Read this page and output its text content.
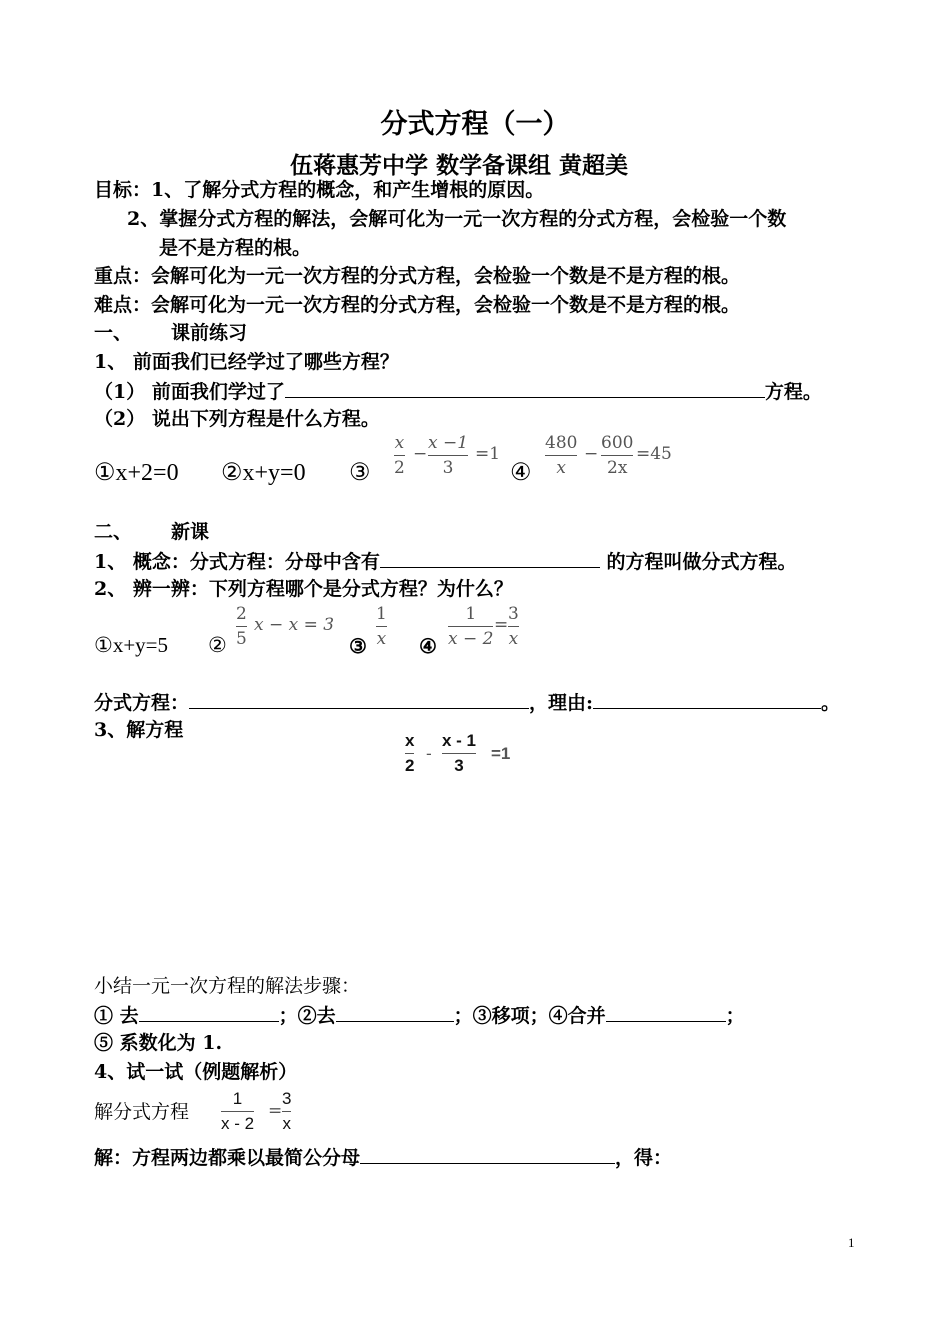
分式方程（一）
伍蒋惠芳中学 数学备课组 黄超美
目标：1、了解分式方程的概念，和产生增根的原因。
2、掌握分式方程的解法，会解可化为一元一次方程的分式方程，会检验一个数
是不是方程的根。
重点：会解可化为一元一次方程的分式方程，会检验一个数是不是方程的根。
难点：会解可化为一元一次方程的分式方程，会检验一个数是不是方程的根。
一、 课前练习
1、 前面我们已经学过了哪些方程？
（1） 前面我们学过了	方程。
（2） 说出下列方程是什么方程。
①x+2=0 ②x+y=0 ③
x
2
−
x −1
3
=1
④
480
x
−
600
2x
=45
二、 新课
1、 概念：分式方程：分母中含有	的方程叫做分式方程。
2、 辨一辨：下列方程哪个是分式方程？为什么？
①x+y=5 ②
2
5
x − x = 3
③
1
x ④
1
x − 2
=
3
x
分式方程：	，理由:	。
3、解方程	x
2
-
x - 1
3
=1
小结一元一次方程的解法步骤：
① 去	；②去	；③移项；④合并	；
⑤ 系数化为 1.
4、试一试（例题解析）
解分式方程
1
x - 2
=
3
x
解：方程两边都乘以最简公分母	，得：
1
